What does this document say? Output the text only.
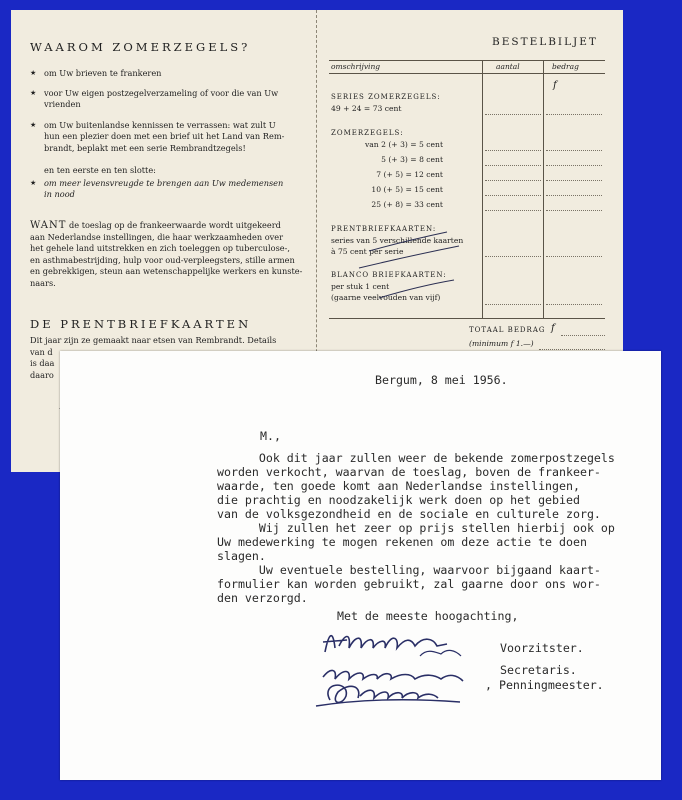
WAAROM ZOMERZEGELS?
★ om Uw brieven te frankeren
★ voor Uw eigen postzegelverzameling of voor die van Uw
vrienden
★ om Uw buitenlandse kennissen te verrassen: wat zult U
hun een plezier doen met een brief uit het Land van Rem-
brandt, beplakt met een serie Rembrandtzegels!
en ten eerste en ten slotte:
★ om meer levensvreugde te brengen aan Uw medemensen
in nood
WANT de toeslag op de frankeerwaarde wordt uitgekeerd
aan Nederlandse instellingen, die haar werkzaamheden over
het gehele land uitstrekken en zich toeleggen op tuberculose-,
en asthmabestrijding, hulp voor oud-verpleegsters, stille armen
en gebrekkigen, steun aan wetenschappelijke werkers en kunste-
naars.
DE PRENTBRIEFKAARTEN
Dit jaar zijn ze gemaakt naar etsen van Rembrandt. Details
van d
is daa
daaro
BESTELBILJET
omschrijving	aantal	bedrag
f
SERIES ZOMERZEGELS:
49 + 24 = 73 cent
ZOMERZEGELS:
van 2 (+ 3) = 5 cent
5 (+ 3) = 8 cent
7 (+ 5) = 12 cent
10 (+ 5) = 15 cent
25 (+ 8) = 33 cent
PRENTBRIEFKAARTEN:
series van 5 verschillende kaarten
à 75 cent per serie
BLANCO BRIEFKAARTEN:
per stuk 1 cent
(gaarne veelvouden van vijf)
TOTAAL BEDRAG f
(minimum f 1.—)
Bergum, 8 mei 1956.
M.,
Ook dit jaar zullen weer de bekende zomerpostzegels
worden verkocht, waarvan de toeslag, boven de frankeer-
waarde, ten goede komt aan Nederlandse instellingen,
die prachtig en noodzakelijk werk doen op het gebied
van de volksgezondheid en de sociale en culturele zorg.
Wij zullen het zeer op prijs stellen hierbij ook op
Uw medewerking te mogen rekenen om deze actie te doen
slagen.
Uw eventuele bestelling, waarvoor bijgaand kaart-
formulier kan worden gebruikt, zal gaarne door ons wor-
den verzorgd.
Met de meeste hoogachting,
Voorzitster.
Secretaris.
, Penningmeester.
